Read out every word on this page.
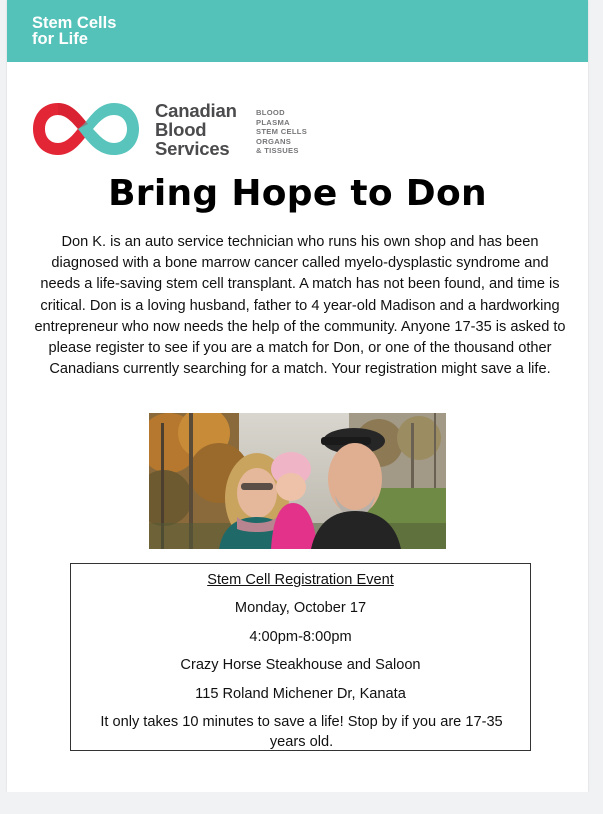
Stem Cells
for Life
Canadian
Blood
Services
BLOOD
PLASMA
STEM CELLS
ORGANS
& TISSUES
Bring Hope to Don
Don K. is an auto service technician who runs his own shop and has been diagnosed with a bone marrow cancer called myelo-dysplastic syndrome and needs a life-saving stem cell transplant. A match has not been found, and time is critical. Don is a loving husband, father to 4 year-old Madison and a hardworking entrepreneur who now needs the help of the community. Anyone 17-35 is asked to please register to see if you are a match for Don, or one of the thousand other Canadians currently searching for a match. Your registration might save a life.
Stem Cell Registration Event
Monday, October 17
4:00pm-8:00pm
Crazy Horse Steakhouse and Saloon
115 Roland Michener Dr, Kanata
It only takes 10 minutes to save a life! Stop by if you are 17-35 years old.
